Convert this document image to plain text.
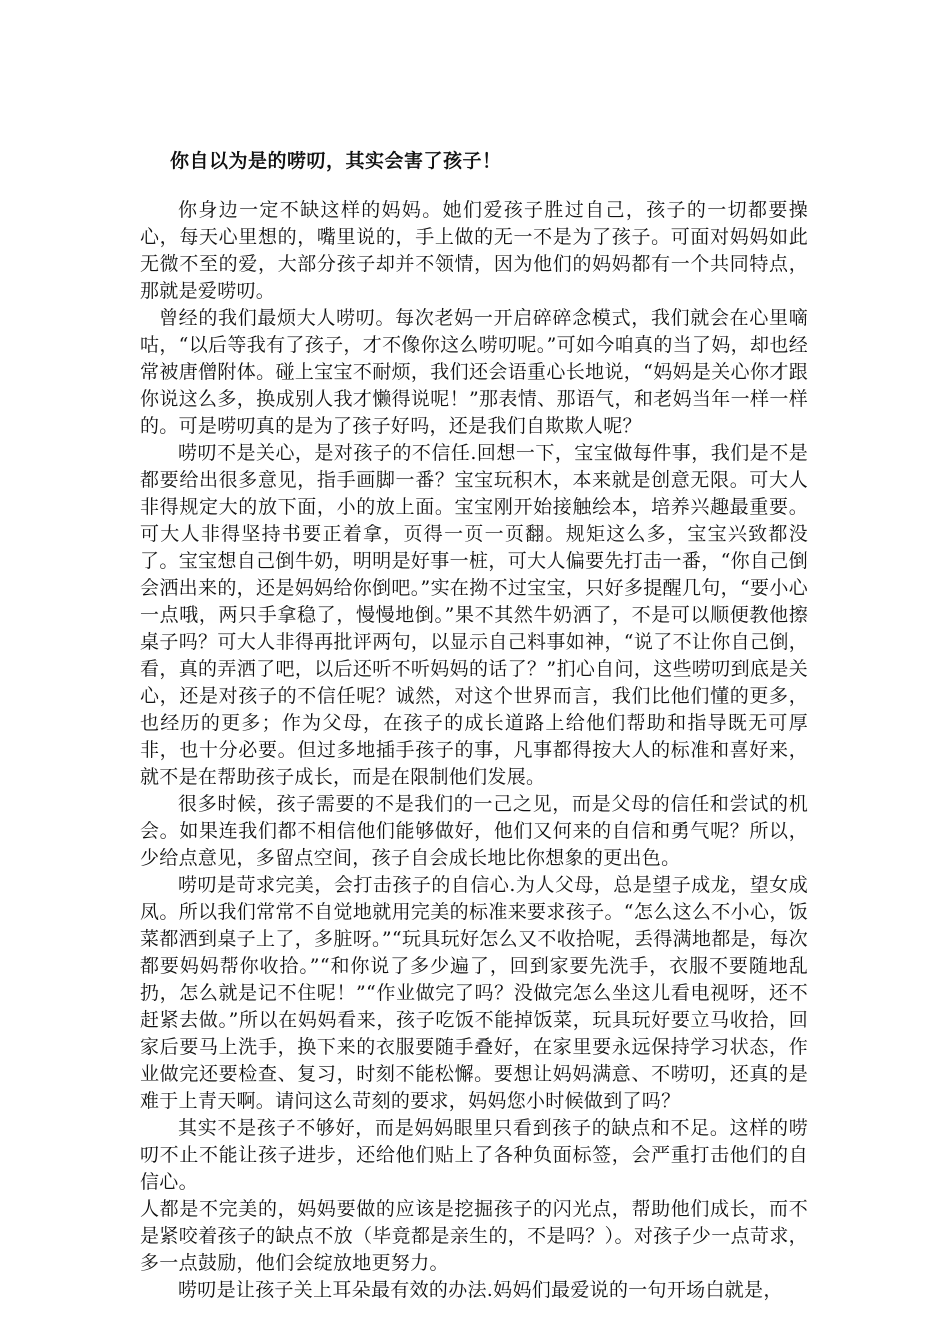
你自以为是的唠叨，其实会害了孩子！

你身边一定不缺这样的妈妈。她们爱孩子胜过自己，孩子的一切都要操心，每天心里想的，嘴里说的，手上做的无一不是为了孩子。可面对妈妈如此无微不至的爱，大部分孩子却并不领情，因为他们的妈妈都有一个共同特点，那就是爱唠叨。

曾经的我们最烦大人唠叨。每次老妈一开启碎碎念模式，我们就会在心里嘀咕，“以后等我有了孩子，才不像你这么唠叨呢。”可如今咱真的当了妈，却也经常被唐僧附体。碰上宝宝不耐烦，我们还会语重心长地说，“妈妈是关心你才跟你说这么多，换成别人我才懒得说呢！”那表情、那语气，和老妈当年一样一样的。可是唠叨真的是为了孩子好吗，还是我们自欺欺人呢？

唠叨不是关心，是对孩子的不信任.回想一下，宝宝做每件事，我们是不是都要给出很多意见，指手画脚一番？宝宝玩积木，本来就是创意无限。可大人非得规定大的放下面，小的放上面。宝宝刚开始接触绘本，培养兴趣最重要。可大人非得坚持书要正着拿，页得一页一页翻。规矩这么多，宝宝兴致都没了。宝宝想自己倒牛奶，明明是好事一桩，可大人偏要先打击一番，“你自己倒会洒出来的，还是妈妈给你倒吧。”实在拗不过宝宝，只好多提醒几句，“要小心一点哦，两只手拿稳了，慢慢地倒。”果不其然牛奶洒了，不是可以顺便教他擦桌子吗？可大人非得再批评两句，以显示自己料事如神，“说了不让你自己倒，看，真的弄洒了吧，以后还听不听妈妈的话了？”扪心自问，这些唠叨到底是关心，还是对孩子的不信任呢？诚然，对这个世界而言，我们比他们懂的更多，也经历的更多；作为父母，在孩子的成长道路上给他们帮助和指导既无可厚非，也十分必要。但过多地插手孩子的事，凡事都得按大人的标准和喜好来，就不是在帮助孩子成长，而是在限制他们发展。

很多时候，孩子需要的不是我们的一己之见，而是父母的信任和尝试的机会。如果连我们都不相信他们能够做好，他们又何来的自信和勇气呢？所以，少给点意见，多留点空间，孩子自会成长地比你想象的更出色。

唠叨是苛求完美，会打击孩子的自信心.为人父母，总是望子成龙，望女成凤。所以我们常常不自觉地就用完美的标准来要求孩子。“怎么这么不小心，饭菜都洒到桌子上了，多脏呀。”“玩具玩好怎么又不收拾呢，丢得满地都是，每次都要妈妈帮你收拾。”“和你说了多少遍了，回到家要先洗手，衣服不要随地乱扔，怎么就是记不住呢！”“作业做完了吗？没做完怎么坐这儿看电视呀，还不赶紧去做。”所以在妈妈看来，孩子吃饭不能掉饭菜，玩具玩好要立马收拾，回家后要马上洗手，换下来的衣服要随手叠好，在家里要永远保持学习状态，作业做完还要检查、复习，时刻不能松懈。要想让妈妈满意、不唠叨，还真的是难于上青天啊。请问这么苛刻的要求，妈妈您小时候做到了吗？

其实不是孩子不够好，而是妈妈眼里只看到孩子的缺点和不足。这样的唠叨不止不能让孩子进步，还给他们贴上了各种负面标签，会严重打击他们的自信心。

人都是不完美的，妈妈要做的应该是挖掘孩子的闪光点，帮助他们成长，而不是紧咬着孩子的缺点不放（毕竟都是亲生的，不是吗？）。对孩子少一点苛求，多一点鼓励，他们会绽放地更努力。

唠叨是让孩子关上耳朵最有效的办法.妈妈们最爱说的一句开场白就是，
